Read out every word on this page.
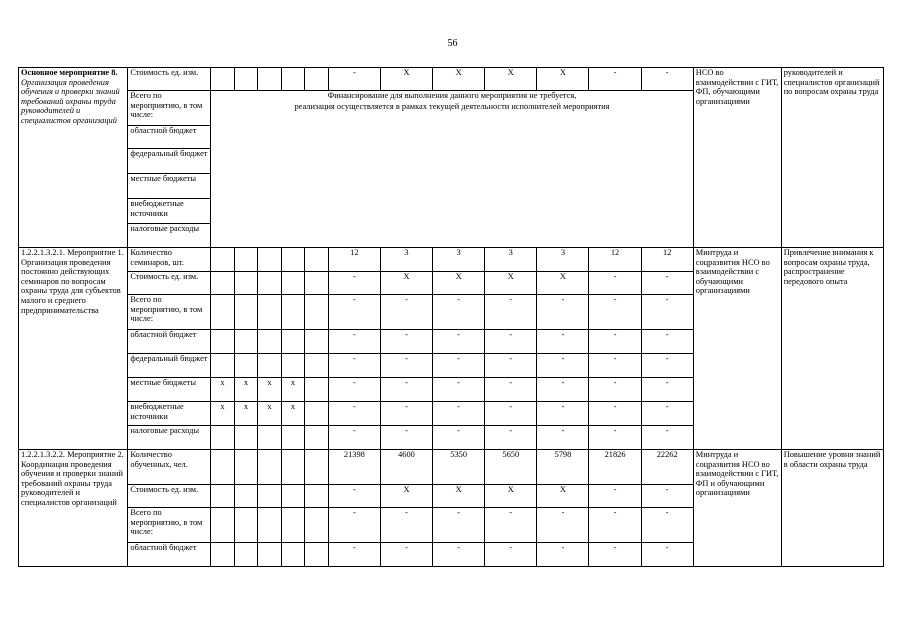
56
Основное мероприятие 8.
Организация проведения обучения и проверки знаний требований охраны труда руководителей и специалистов организаций	Стоимость ед. изм.						-	X	X	X	X	-	-	НСО во взаимодействии с ГИТ, ФП, обучающими организациями	руководителей и специалистов организаций по вопросам охраны труда
	Всего по мероприятию, в том числе:	Финансирование для выполнения данного мероприятия не требуется,
реализация осуществляется в рамках текущей деятельности исполнителей мероприятия													

	областной бюджет														
	федеральный бюджет														
	местные бюджеты														
	внебюджетные источники														
	налоговые расходы														

1.2.2.1.3.2.1. Мероприятие 1.
Организация проведения постоянно действующих семинаров по вопросам охраны труда для субъектов малого и среднего предпринимательства	Количество семинаров, шт.						12	3	3	3	3	12	12	Минтруда и соцразвития НСО во взаимодействии с обучающими организациями	Привлечение внимания к вопросам охраны труда, распространение передового опыта
	Стоимость ед. изм.						-	X	X	X	X	-	-		
	Всего по мероприятию, в том числе:						-	-	-	-	-	-	-		
	областной бюджет						-	-	-	-	-	-	-		
	федеральный бюджет						-	-	-	-	-	-	-		
	местные бюджеты	x	x	x	x		-	-	-	-	-	-	-		
	внебюджетные источники	x	x	x	x		-	-	-	-	-	-	-		
	налоговые расходы						-	-	-	-	-	-	-		

1.2.2.1.3.2.2. Мероприятие 2.
Координация проведения обучения и проверки знаний требований охраны труда руководителей и специалистов организаций	Количество обученных, чел.						21398	4600	5350	5650	5798	21826	22262	Минтруда и соцразвития НСО во взаимодействии с ГИТ, ФП и обучающими организациями	Повышение уровня знаний в области охраны труда
	Стоимость ед. изм.						-	X	X	X	X	-	-		
	Всего по мероприятию, в том числе:						-	-	-	-	-	-	-		
	областной бюджет						-	-	-	-	-	-	-		
